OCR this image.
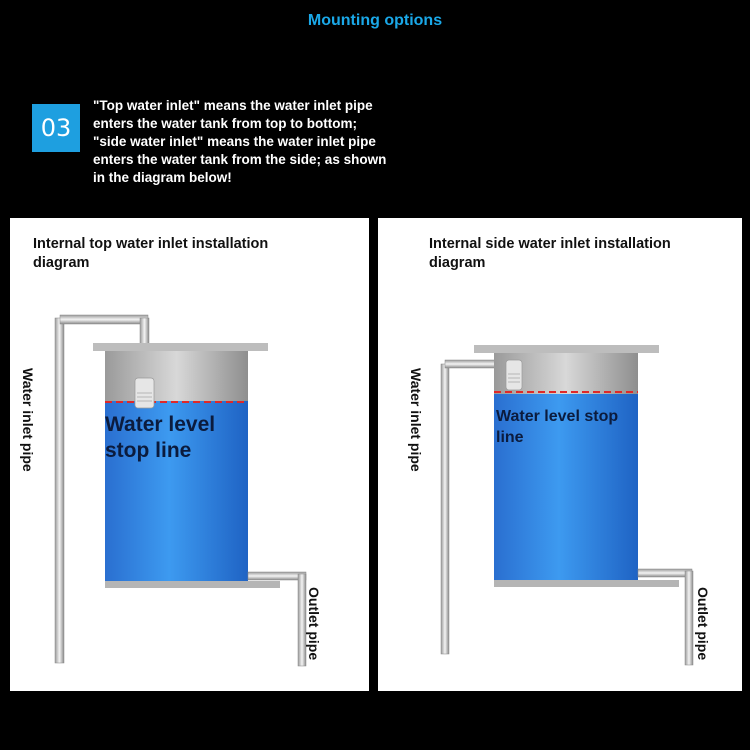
Mounting options
03
"Top water inlet" means the water inlet pipe
enters the water tank from top to bottom;
"side water inlet" means the water inlet pipe
enters the water tank from the side; as shown
in the diagram below!
Internal top water inlet installation
diagram
Water level
stop line
Water inlet pipe
Outlet pipe
Internal side water inlet installation
diagram
Water level stop
line
Water inlet pipe
Outlet pipe
